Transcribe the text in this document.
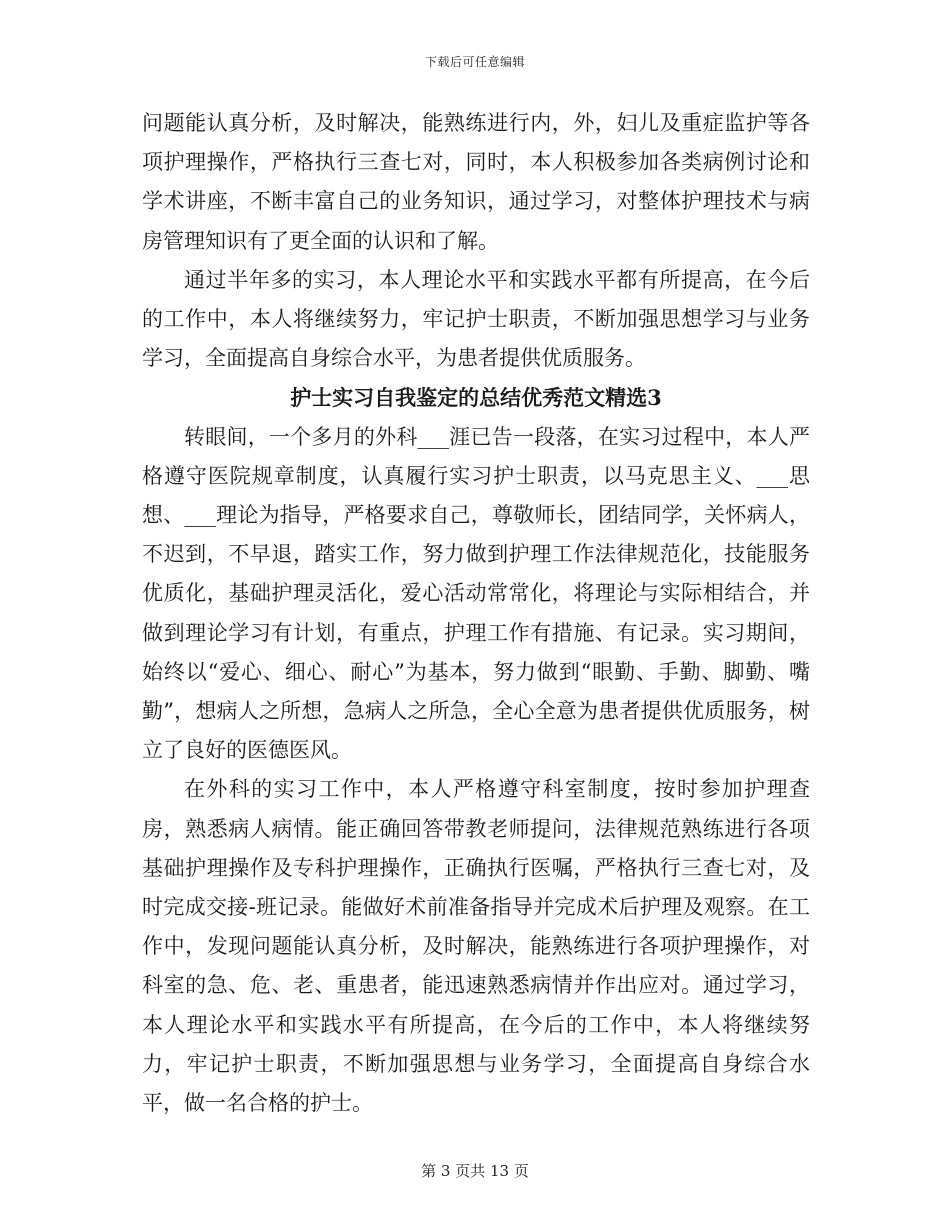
下载后可任意编辑

问题能认真分析，及时解决，能熟练进行内，外，妇儿及重症监护等各项护理操作，严格执行三查七对，同时，本人积极参加各类病例讨论和学术讲座，不断丰富自己的业务知识，通过学习，对整体护理技术与病房管理知识有了更全面的认识和了解。

通过半年多的实习，本人理论水平和实践水平都有所提高，在今后的工作中，本人将继续努力，牢记护士职责，不断加强思想学习与业务学习，全面提高自身综合水平，为患者提供优质服务。

护士实习自我鉴定的总结优秀范文精选3

转眼间，一个多月的外科___涯已告一段落，在实习过程中，本人严格遵守医院规章制度，认真履行实习护士职责，以马克思主义、___思想、___理论为指导，严格要求自己，尊敬师长，团结同学，关怀病人，不迟到，不早退，踏实工作，努力做到护理工作法律规范化，技能服务优质化，基础护理灵活化，爱心活动常常化，将理论与实际相结合，并做到理论学习有计划，有重点，护理工作有措施、有记录。实习期间，始终以“爱心、细心、耐心”为基本，努力做到“眼勤、手勤、脚勤、嘴勤”，想病人之所想，急病人之所急，全心全意为患者提供优质服务，树立了良好的医德医风。

在外科的实习工作中，本人严格遵守科室制度，按时参加护理查房，熟悉病人病情。能正确回答带教老师提问，法律规范熟练进行各项基础护理操作及专科护理操作，正确执行医嘱，严格执行三查七对，及时完成交接-班记录。能做好术前准备指导并完成术后护理及观察。在工作中，发现问题能认真分析，及时解决，能熟练进行各项护理操作，对科室的急、危、老、重患者，能迅速熟悉病情并作出应对。通过学习，本人理论水平和实践水平有所提高，在今后的工作中，本人将继续努力，牢记护士职责，不断加强思想与业务学习，全面提高自身综合水平，做一名合格的护士。

第 3 页共 13 页
